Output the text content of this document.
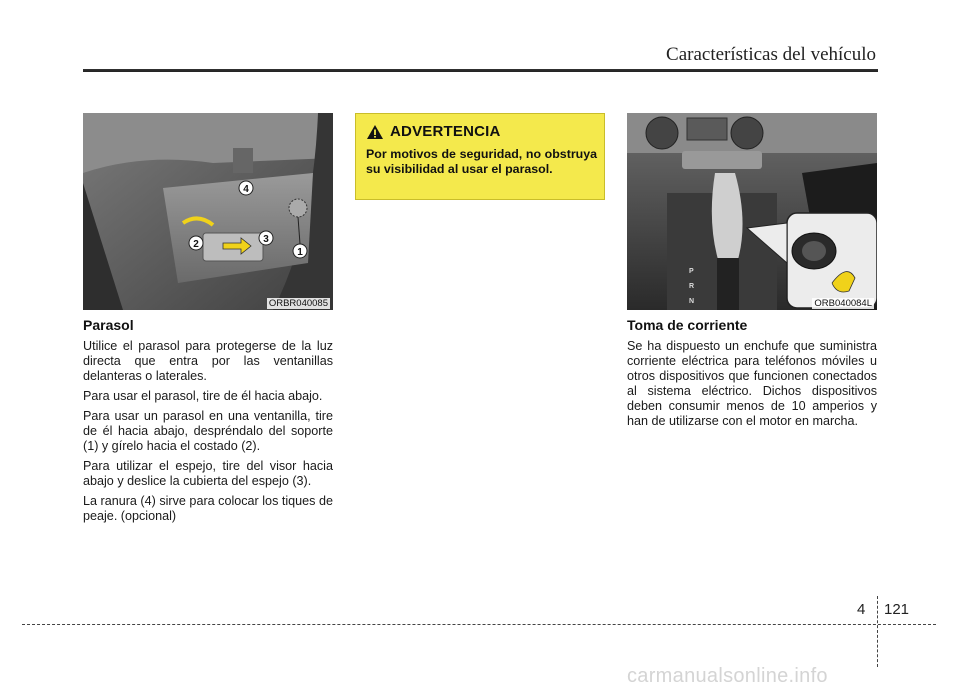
Características del vehículo
2	3
1
4
ORBR040085
Parasol

Utilice el parasol para protegerse de la luz directa que entra por las ventanillas delanteras o laterales.

Para usar el parasol, tire de él hacia abajo.

Para usar un parasol en una ventanilla, tire de él hacia abajo, despréndalo del soporte (1) y gírelo hacia el costado (2).

Para utilizar el espejo, tire del visor hacia abajo y deslice la cubierta del espejo (3).

La ranura (4) sirve para colocar los tiques de peaje. (opcional)

ADVERTENCIA
Por motivos de seguridad, no obstruya su visibilidad al usar el parasol.
P
R
N	ORB040084L
Toma de corriente

Se ha dispuesto un enchufe que suministra corriente eléctrica para teléfonos móviles u otros dispositivos que funcionen conectados al sistema eléctrico. Dichos dispositivos deben consumir menos de 10 amperios y han de utilizarse con el motor en marcha.

4 121
carmanualsonline.info
